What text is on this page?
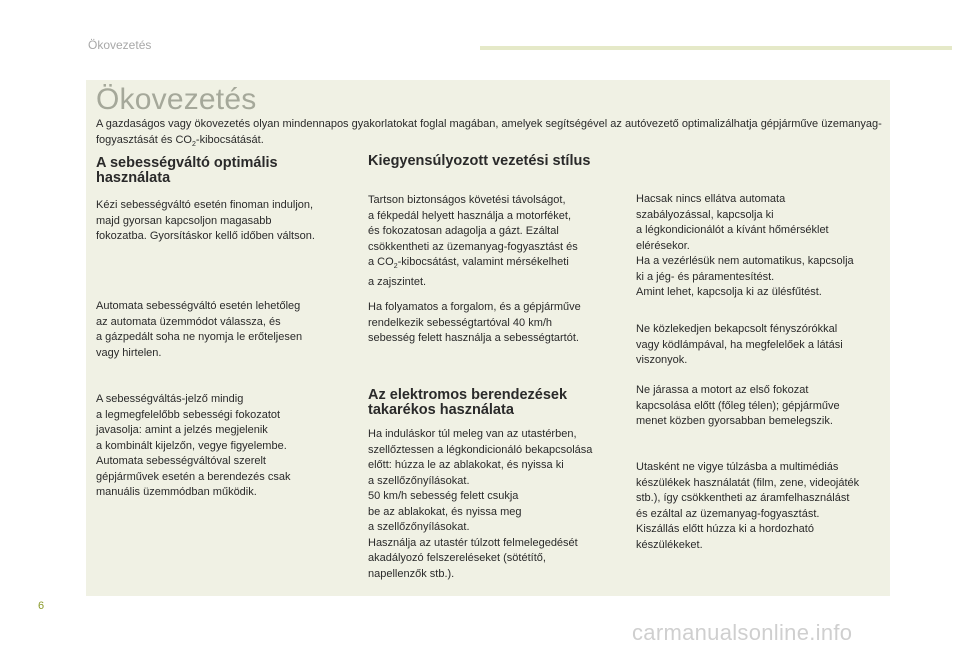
Ökovezetés
Ökovezetés
A gazdaságos vagy ökovezetés olyan mindennapos gyakorlatokat foglal magában, amelyek segítségével az autóvezető optimalizálhatja gépjárműve üzemanyag-fogyasztását és $CO_2$-kibocsátását.
A sebességváltó optimális használata

Kézi sebességváltó esetén finoman induljon,
majd gyorsan kapcsoljon magasabb
fokozatba. Gyorsításkor kellő időben váltson.

Automata sebességváltó esetén lehetőleg
az automata üzemmódot válassza, és
a gázpedált soha ne nyomja le erőteljesen
vagy hirtelen.

A sebességváltás-jelző mindig
a legmegfelelőbb sebességi fokozatot
javasolja: amint a jelzés megjelenik
a kombinált kijelzőn, vegye figyelembe.
Automata sebességváltóval szerelt
gépjárművek esetén a berendezés csak
manuális üzemmódban működik.

Kiegyensúlyozott vezetési stílus

Tartson biztonságos követési távolságot,
a fékpedál helyett használja a motorféket,
és fokozatosan adagolja a gázt. Ezáltal
csökkentheti az üzemanyag-fogyasztást és
a $CO_2$-kibocsátást, valamint mérsékelheti
a zajszintet.

Ha folyamatos a forgalom, és a gépjárműve
rendelkezik sebességtartóval 40 km/h
sebesség felett használja a sebességtartót.

Az elektromos berendezések takarékos használata

Ha induláskor túl meleg van az utastérben,
szellőztessen a légkondicionáló bekapcsolása
előtt: húzza le az ablakokat, és nyissa ki
a szellőzőnyílásokat.
50 km/h sebesség felett csukja
be az ablakokat, és nyissa meg
a szellőzőnyílásokat.
Használja az utastér túlzott felmelegedését
akadályozó felszereléseket (sötétítő,
napellenzők stb.).

Hacsak nincs ellátva automata
szabályozással, kapcsolja ki
a légkondicionálót a kívánt hőmérséklet
elérésekor.
Ha a vezérlésük nem automatikus, kapcsolja
ki a jég- és páramentesítést.
Amint lehet, kapcsolja ki az ülésfűtést.

Ne közlekedjen bekapcsolt fényszórókkal
vagy ködlámpával, ha megfelelőek a látási
viszonyok.

Ne járassa a motort az első fokozat
kapcsolása előtt (főleg télen); gépjárműve
menet közben gyorsabban bemelegszik.

Utasként ne vigye túlzásba a multimédiás
készülékek használatát (film, zene, videojáték
stb.), így csökkentheti az áramfelhasználást
és ezáltal az üzemanyag-fogyasztást.
Kiszállás előtt húzza ki a hordozható
készülékeket.

6
carmanualsonline.info
